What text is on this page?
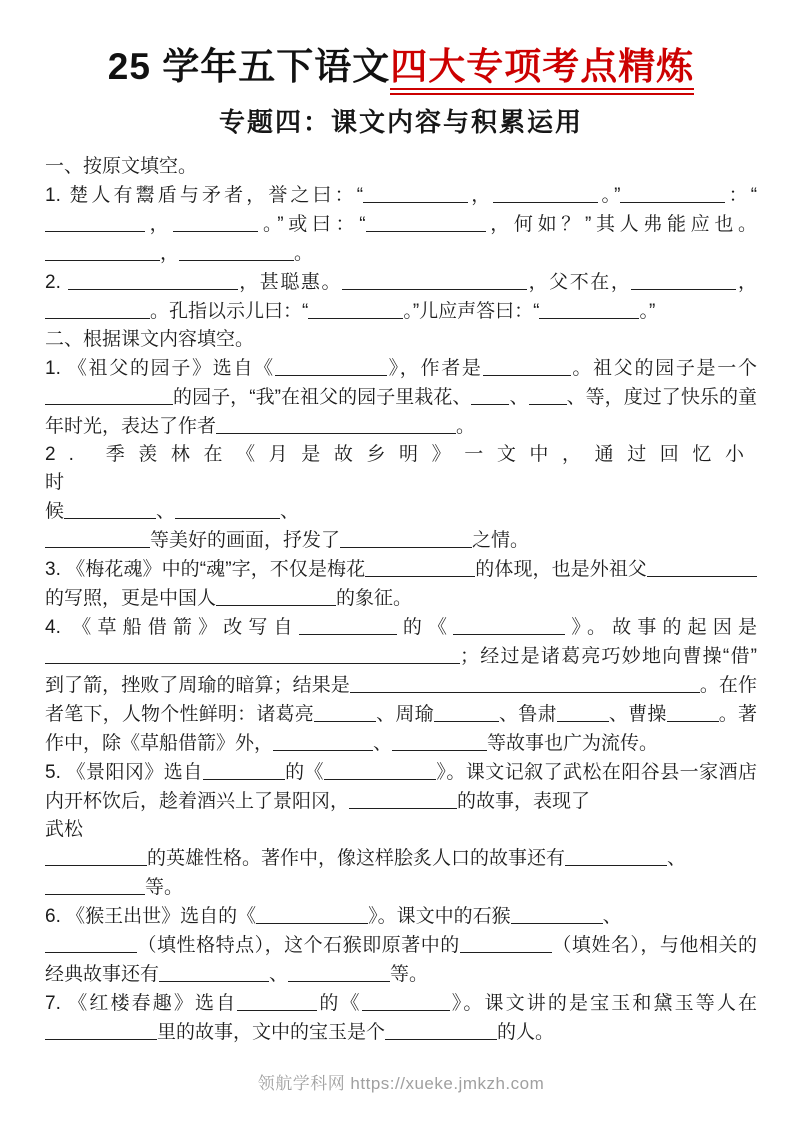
25 学年五下语文四大专项考点精炼
专题四：课文内容与积累运用
一、按原文填空。
1. 楚人有鬻盾与矛者，誉之曰：“	，	。”	：“，	。”或曰：“	，何如？”其人弗能应也。，	。
2.	，甚聪惠。	，父不在，	，。孔指以示儿曰：“	。”儿应声答曰：“	。”
二、根据课文内容填空。
1. 《祖父的园子》选自《	》，作者是	。祖父的园子是一个的园子，“我”在祖父的园子里栽花、 、 、等，度过了快乐的童年时光，表达了作者	。
2. 季羡林在《月是故乡明》一文中，通过回忆小时
候	、	、
等美好的画面，抒发了	之情。
3. 《梅花魂》中的“魂”字，不仅是梅花	的体现，也是外祖父的写照，更是中国人	的象征。
4. 《草船借箭》改写自	的《	》。故事的起因是；经过是诸葛亮巧妙地向曹操“借”到了箭，挫败了周瑜的暗算；结果是	。在作者笔下，人物个性鲜明：诸葛亮	、周瑜	、鲁肃	、曹操	。著作中，除《草船借箭》外，	、	等故事也广为流传。
5. 《景阳冈》选自	的《	》。课文记叙了武松在阳谷县一家酒店内开杯饮后，趁着酒兴上了景阳冈，	的故事，表现了
武松
的英雄性格。著作中，像这样脍炙人口的故事还有	、
等。
6. 《猴王出世》选自的《	》。课文中的石猴	、
（填性格特点），这个石猴即原著中的	（填姓名），与他相关的经典故事还有	、	等。
7. 《红楼春趣》选自	的《	》。课文讲的是宝玉和黛玉等人在里的故事，文中的宝玉是个	的人。
领航学科网 https://xueke.jmkzh.com
